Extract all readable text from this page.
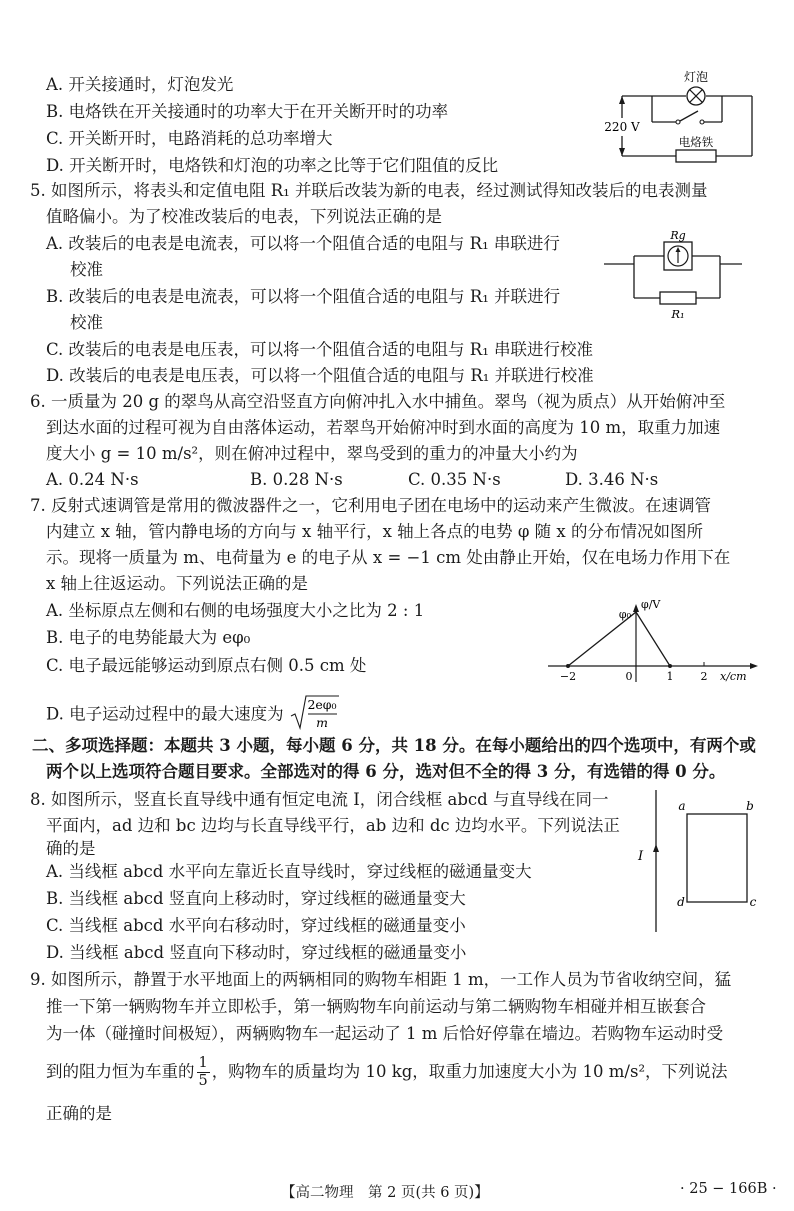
A. 开关接通时，灯泡发光
B. 电烙铁在开关接通时的功率大于在开关断开时的功率
C. 开关断开时，电路消耗的总功率增大
D. 开关断开时，电烙铁和灯泡的功率之比等于它们阻值的反比
5. 如图所示，将表头和定值电阻 R₁ 并联后改装为新的电表，经过测试得知改装后的电表测量
值略偏小。为了校准改装后的电表，下列说法正确的是
A. 改装后的电表是电流表，可以将一个阻值合适的电阻与 R₁ 串联进行
校准
B. 改装后的电表是电流表，可以将一个阻值合适的电阻与 R₁ 并联进行
校准
C. 改装后的电表是电压表，可以将一个阻值合适的电阻与 R₁ 串联进行校准
D. 改装后的电表是电压表，可以将一个阻值合适的电阻与 R₁ 并联进行校准
6. 一质量为 20 g 的翠鸟从高空沿竖直方向俯冲扎入水中捕鱼。翠鸟（视为质点）从开始俯冲至
到达水面的过程可视为自由落体运动，若翠鸟开始俯冲时到水面的高度为 10 m，取重力加速
度大小 g = 10 m/s²，则在俯冲过程中，翠鸟受到的重力的冲量大小约为
7. 反射式速调管是常用的微波器件之一，它利用电子团在电场中的运动来产生微波。在速调管
内建立 x 轴，管内静电场的方向与 x 轴平行，x 轴上各点的电势 φ 随 x 的分布情况如图所
示。现将一质量为 m、电荷量为 e 的电子从 x = −1 cm 处由静止开始，仅在电场力作用下在
x 轴上往返运动。下列说法正确的是
A. 坐标原点左侧和右侧的电场强度大小之比为 2 : 1
B. 电子的电势能最大为 eφ₀
C. 电子最远能够运动到原点右侧 0.5 cm 处
A. 当线框 abcd 水平向左靠近长直导线时，穿过线框的磁通量变大
B. 当线框 abcd 竖直向上移动时，穿过线框的磁通量变大
C. 当线框 abcd 水平向右移动时，穿过线框的磁通量变小
D. 当线框 abcd 竖直向下移动时，穿过线框的磁通量变小
9. 如图所示，静置于水平地面上的两辆相同的购物车相距 1 m，一工作人员为节省收纳空间，猛
推一下第一辆购物车并立即松手，第一辆购物车向前运动与第二辆购物车相碰并相互嵌套合
为一体（碰撞时间极短），两辆购物车一起运动了 1 m 后恰好停靠在墙边。若购物车运动时受
正确的是
A. 0.24 N·s	B. 0.28 N·s	C. 0.35 N·s	D. 3.46 N·s
D. 电子运动过程中的最大速度为 2eφ₀
m
二、多项选择题：本题共 3 小题，每小题 6 分，共 18 分。在每小题给出的四个选项中，有两个或
两个以上选项符合题目要求。全部选对的得 6 分，选对但不全的得 3 分，有选错的得 0 分。
8. 如图所示，竖直长直导线中通有恒定电流 I，闭合线框 abcd 与直导线在同一
平面内，ad 边和 bc 边均与长直导线平行，ab 边和 dc 边均水平。下列说法正
确的是
到的阻力恒为车重的 $\frac{1}{5}$ ，购物车的质量均为 10 kg，取重力加速度大小为 10 m/s²，下列说法
灯泡
电烙铁
220 V
Rg
R₁
φ₀
φ/V
x/cm
−2	0	1 2
I
a	b
c
d
【高二物理　第 2 页(共 6 页)】	· 25 − 166B ·
